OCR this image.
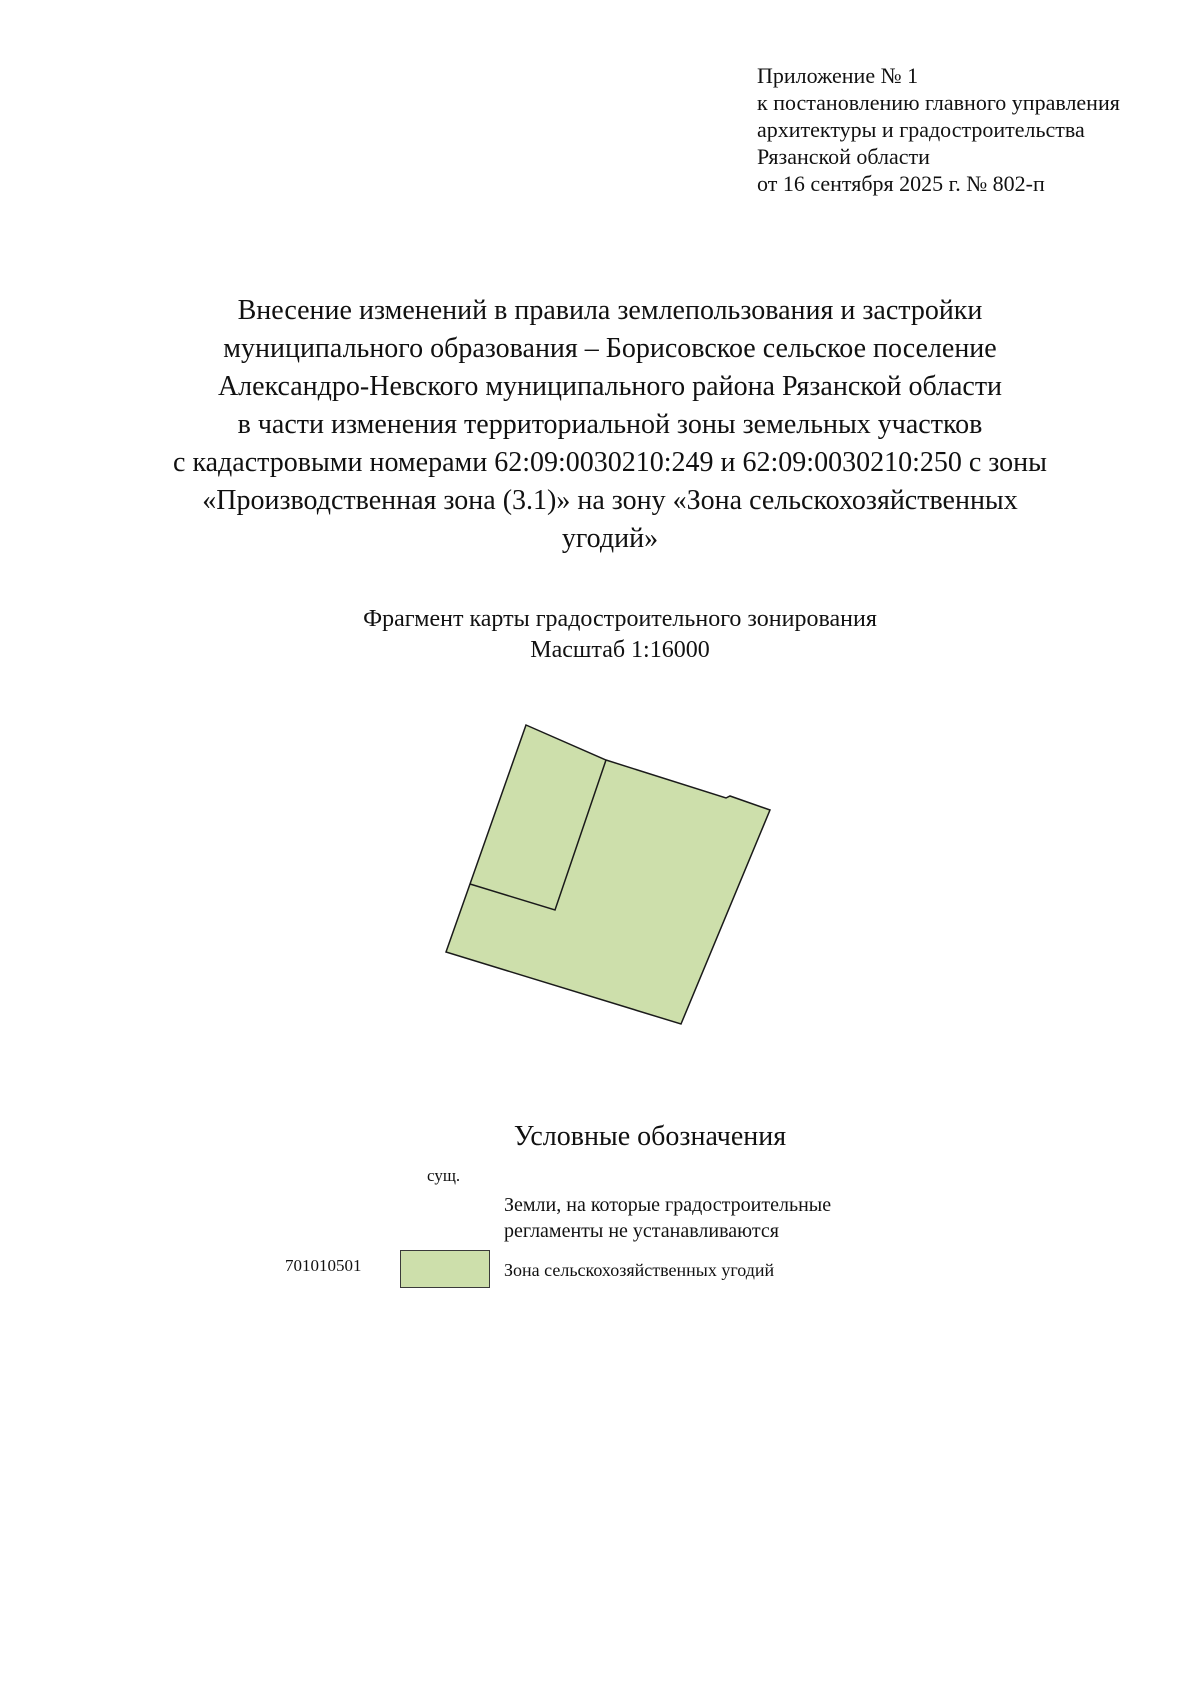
Приложение № 1
к постановлению главного управления
архитектуры и градостроительства
Рязанской области
от 16 сентября 2025 г. № 802-п
Внесение изменений в правила землепользования и застройки
муниципального образования – Борисовское сельское поселение
Александро-Невского муниципального района Рязанской области
в части изменения территориальной зоны земельных участков
с кадастровыми номерами 62:09:0030210:249 и 62:09:0030210:250 с зоны
«Производственная зона (3.1)» на зону «Зона сельскохозяйственных
угодий»
Фрагмент карты градостроительного зонирования
Масштаб 1:16000
Условные обозначения
сущ.
Земли, на которые градостроительные
регламенты не устанавливаются
701010501	Зона сельскохозяйственных угодий
